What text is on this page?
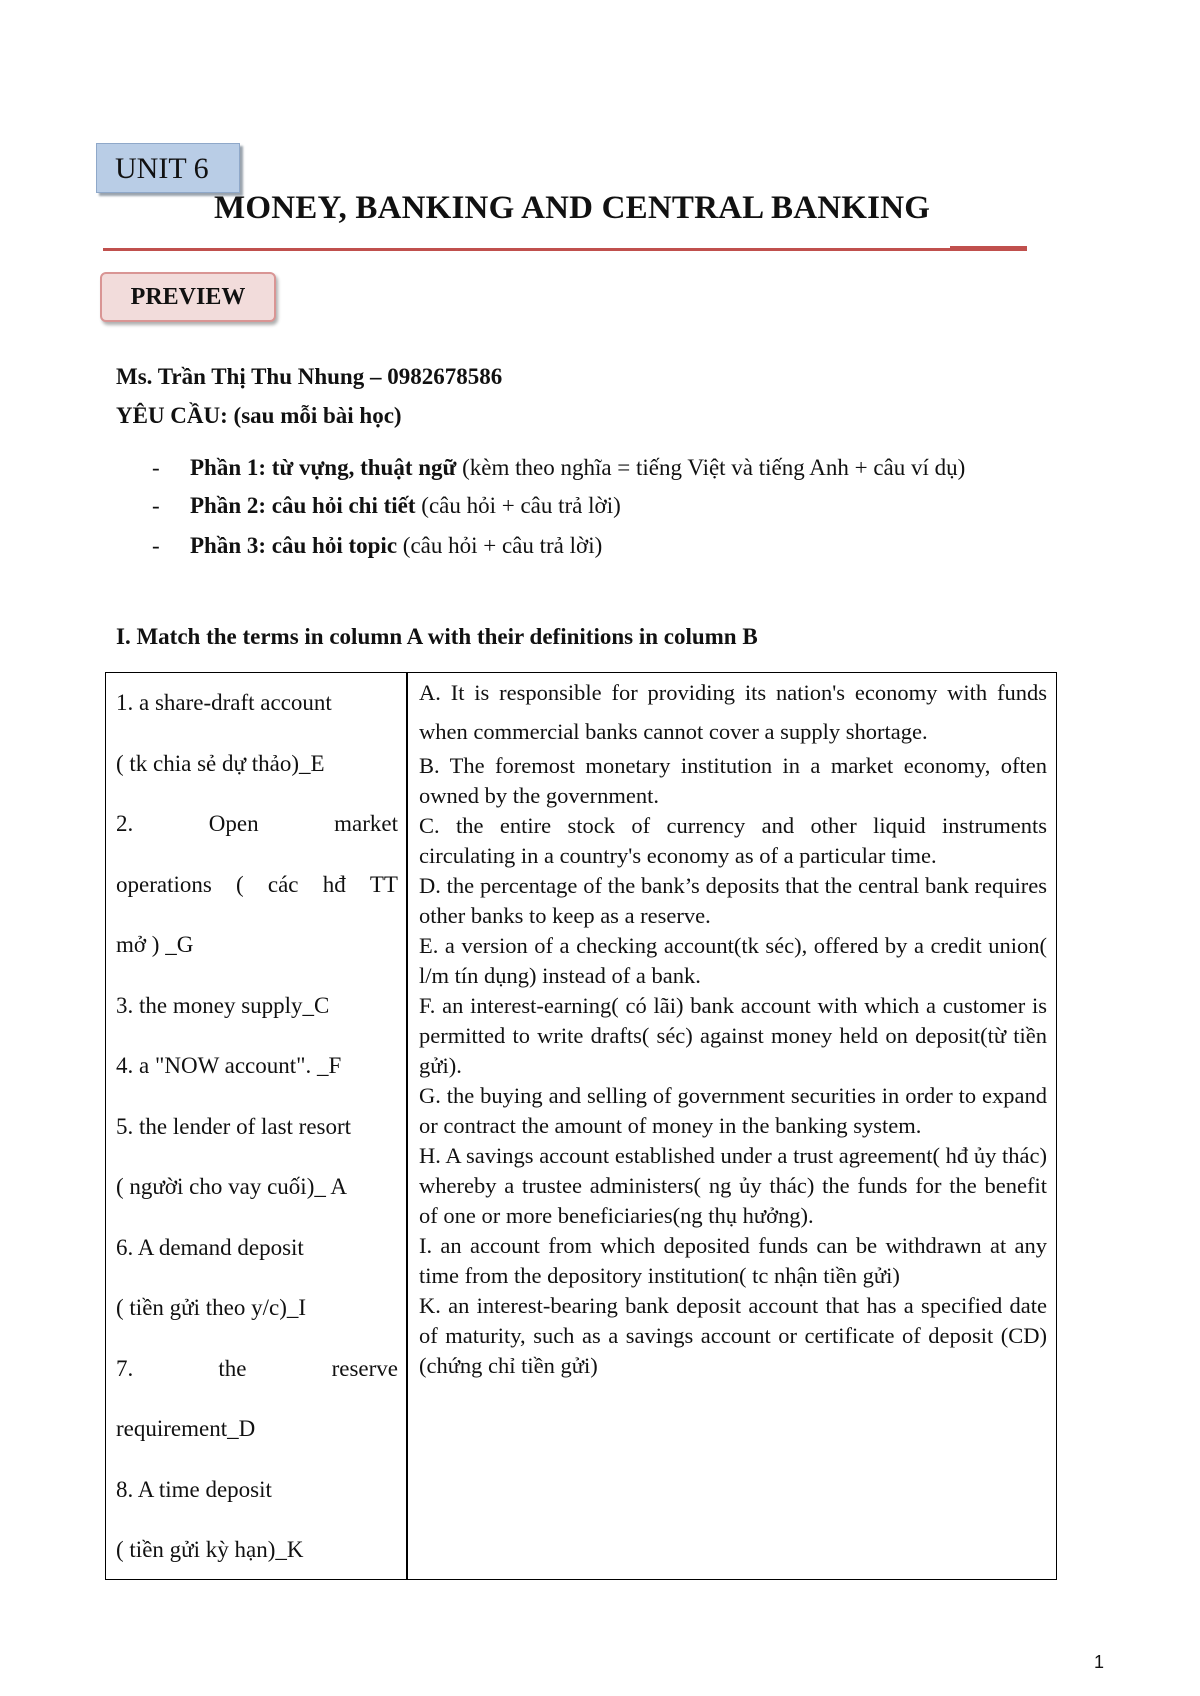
UNIT 6
MONEY, BANKING AND CENTRAL BANKING
PREVIEW
Ms. Trần Thị Thu Nhung – 0982678586
YÊU CẦU: (sau mỗi bài học)
- Phần 1: từ vựng, thuật ngữ (kèm theo nghĩa = tiếng Việt và tiếng Anh + câu ví dụ)
- Phần 2: câu hỏi chi tiết (câu hỏi + câu trả lời)
- Phần 3: câu hỏi topic (câu hỏi + câu trả lời)
I. Match the terms in column A with their definitions in column B
1. a share-draft account
( tk chia sẻ dự thảo)_E
2.	Open	market
operations ( các hđ TT
mở ) _G
3. the money supply_C
4. a "NOW account". _F
5. the lender of last resort
( người cho vay cuối)_ A
6. A demand deposit
( tiền gửi theo y/c)_I
7.	the	reserve
requirement_D
8. A time deposit
( tiền gửi kỳ hạn)_K
A. It is responsible for providing its nation's economy with funds when commercial banks cannot cover a supply shortage.
B. The foremost monetary institution in a market economy, often owned by the government.
C. the entire stock of currency and other liquid instruments circulating in a country's economy as of a particular time.
D. the percentage of the bank’s deposits that the central bank requires other banks to keep as a reserve.
E. a version of a checking account(tk séc), offered by a credit union( l/m tín dụng) instead of a bank.
F. an interest-earning( có lãi) bank account with which a customer is permitted to write drafts( séc) against money held on deposit(từ tiền gửi).
G. the buying and selling of government securities in order to expand or contract the amount of money in the banking system.
H. A savings account established under a trust agreement( hđ ủy thác) whereby a trustee administers( ng ủy thác) the funds for the benefit of one or more beneficiaries(ng thụ hưởng).
I. an account from which deposited funds can be withdrawn at any time from the depository institution( tc nhận tiền gửi)
K. an interest-bearing bank deposit account that has a specified date of maturity, such as a savings account or certificate of deposit (CD)(chứng chỉ tiền gửi)
1
